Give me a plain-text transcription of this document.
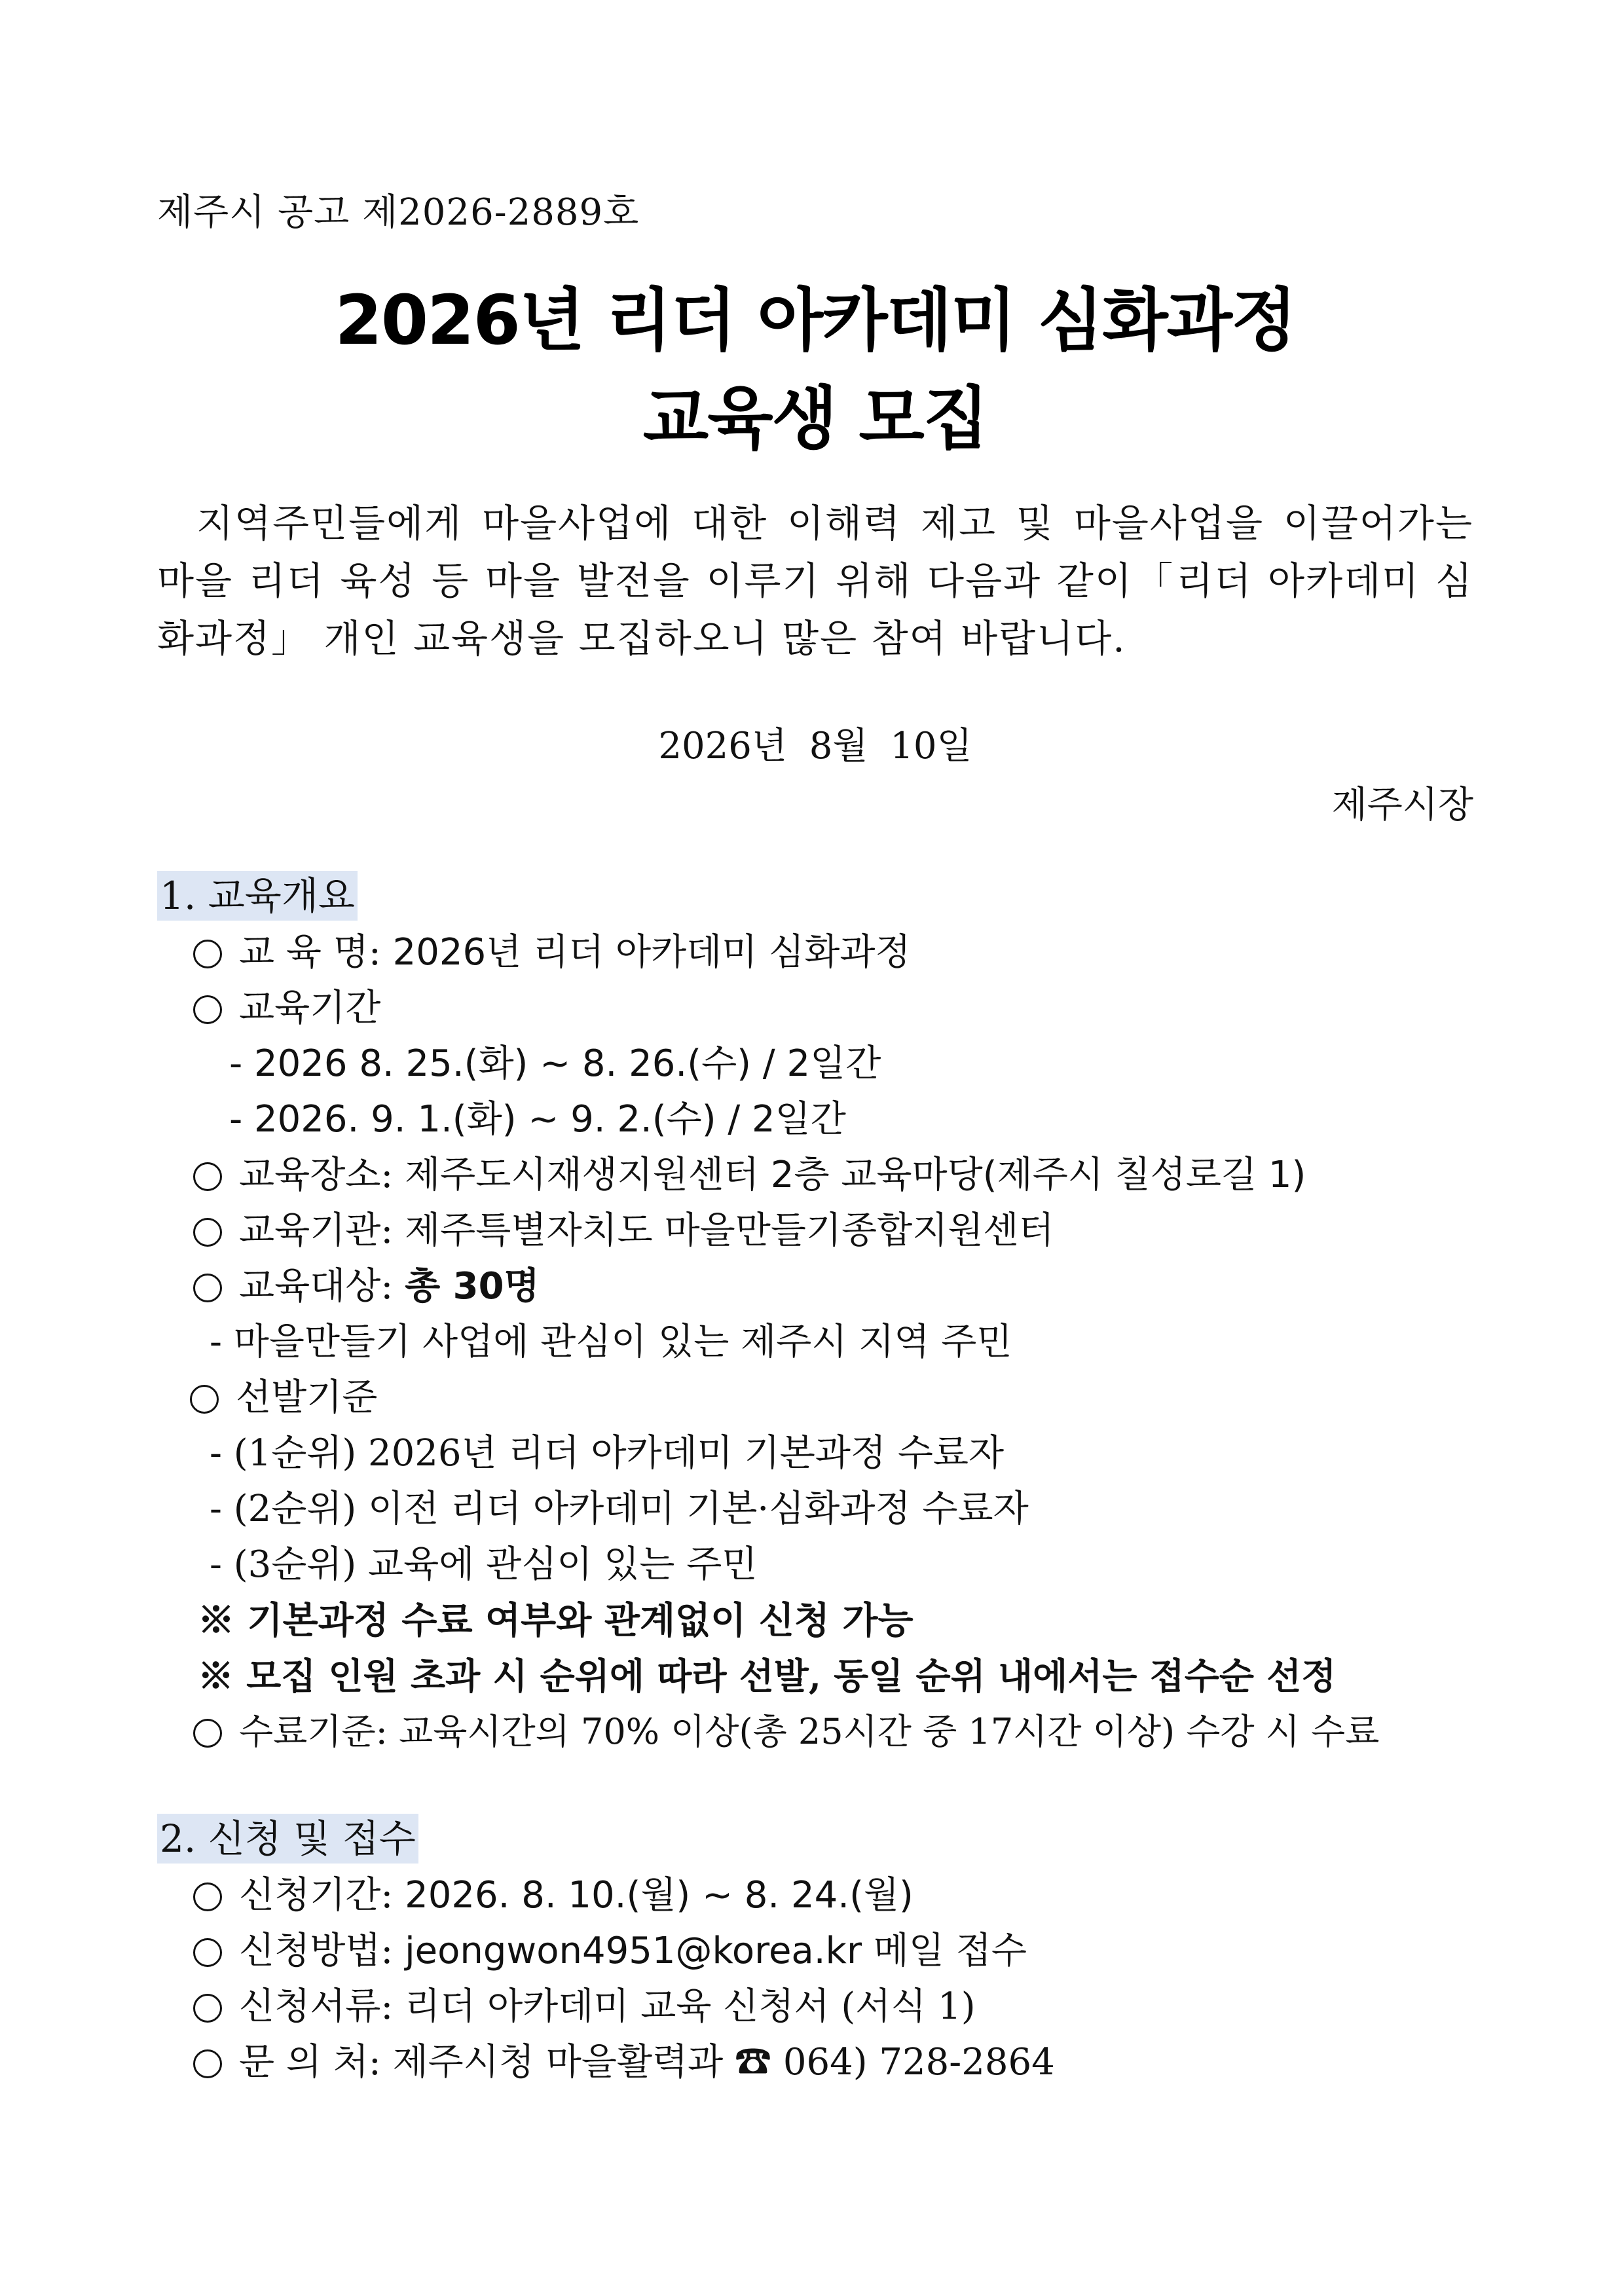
제주시 공고 제2026-2889호
2026년 리더 아카데미 심화과정
교육생 모집
지역주민들에게 마을사업에 대한 이해력 제고 및 마을사업을 이끌어가는 마을 리더 육성 등 마을 발전을 이루기 위해 다음과 같이「리더 아카데미 심화과정」 개인 교육생을 모집하오니 많은 참여 바랍니다.
2026년 8월 10일
제주시장
1. 교육개요
교 육 명: 2026년 리더 아카데미 심화과정
교육기간
- 2026 8. 25.(화) ~ 8. 26.(수) / 2일간
- 2026. 9. 1.(화) ~ 9. 2.(수) / 2일간
교육장소: 제주도시재생지원센터 2층 교육마당(제주시 칠성로길 1)
교육기관: 제주특별자치도 마을만들기종합지원센터
교육대상: 총 30명
- 마을만들기 사업에 관심이 있는 제주시 지역 주민
선발기준
- (1순위) 2026년 리더 아카데미 기본과정 수료자
- (2순위) 이전 리더 아카데미 기본·심화과정 수료자
- (3순위) 교육에 관심이 있는 주민
※ 기본과정 수료 여부와 관계없이 신청 가능
※ 모집 인원 초과 시 순위에 따라 선발, 동일 순위 내에서는 접수순 선정
수료기준: 교육시간의 70% 이상(총 25시간 중 17시간 이상) 수강 시 수료
2. 신청 및 접수
신청기간: 2026. 8. 10.(월) ~ 8. 24.(월)
신청방법: jeongwon4951@korea.kr 메일 접수
신청서류: 리더 아카데미 교육 신청서 (서식 1)
문 의 처: 제주시청 마을활력과 ☎ 064) 728-2864
